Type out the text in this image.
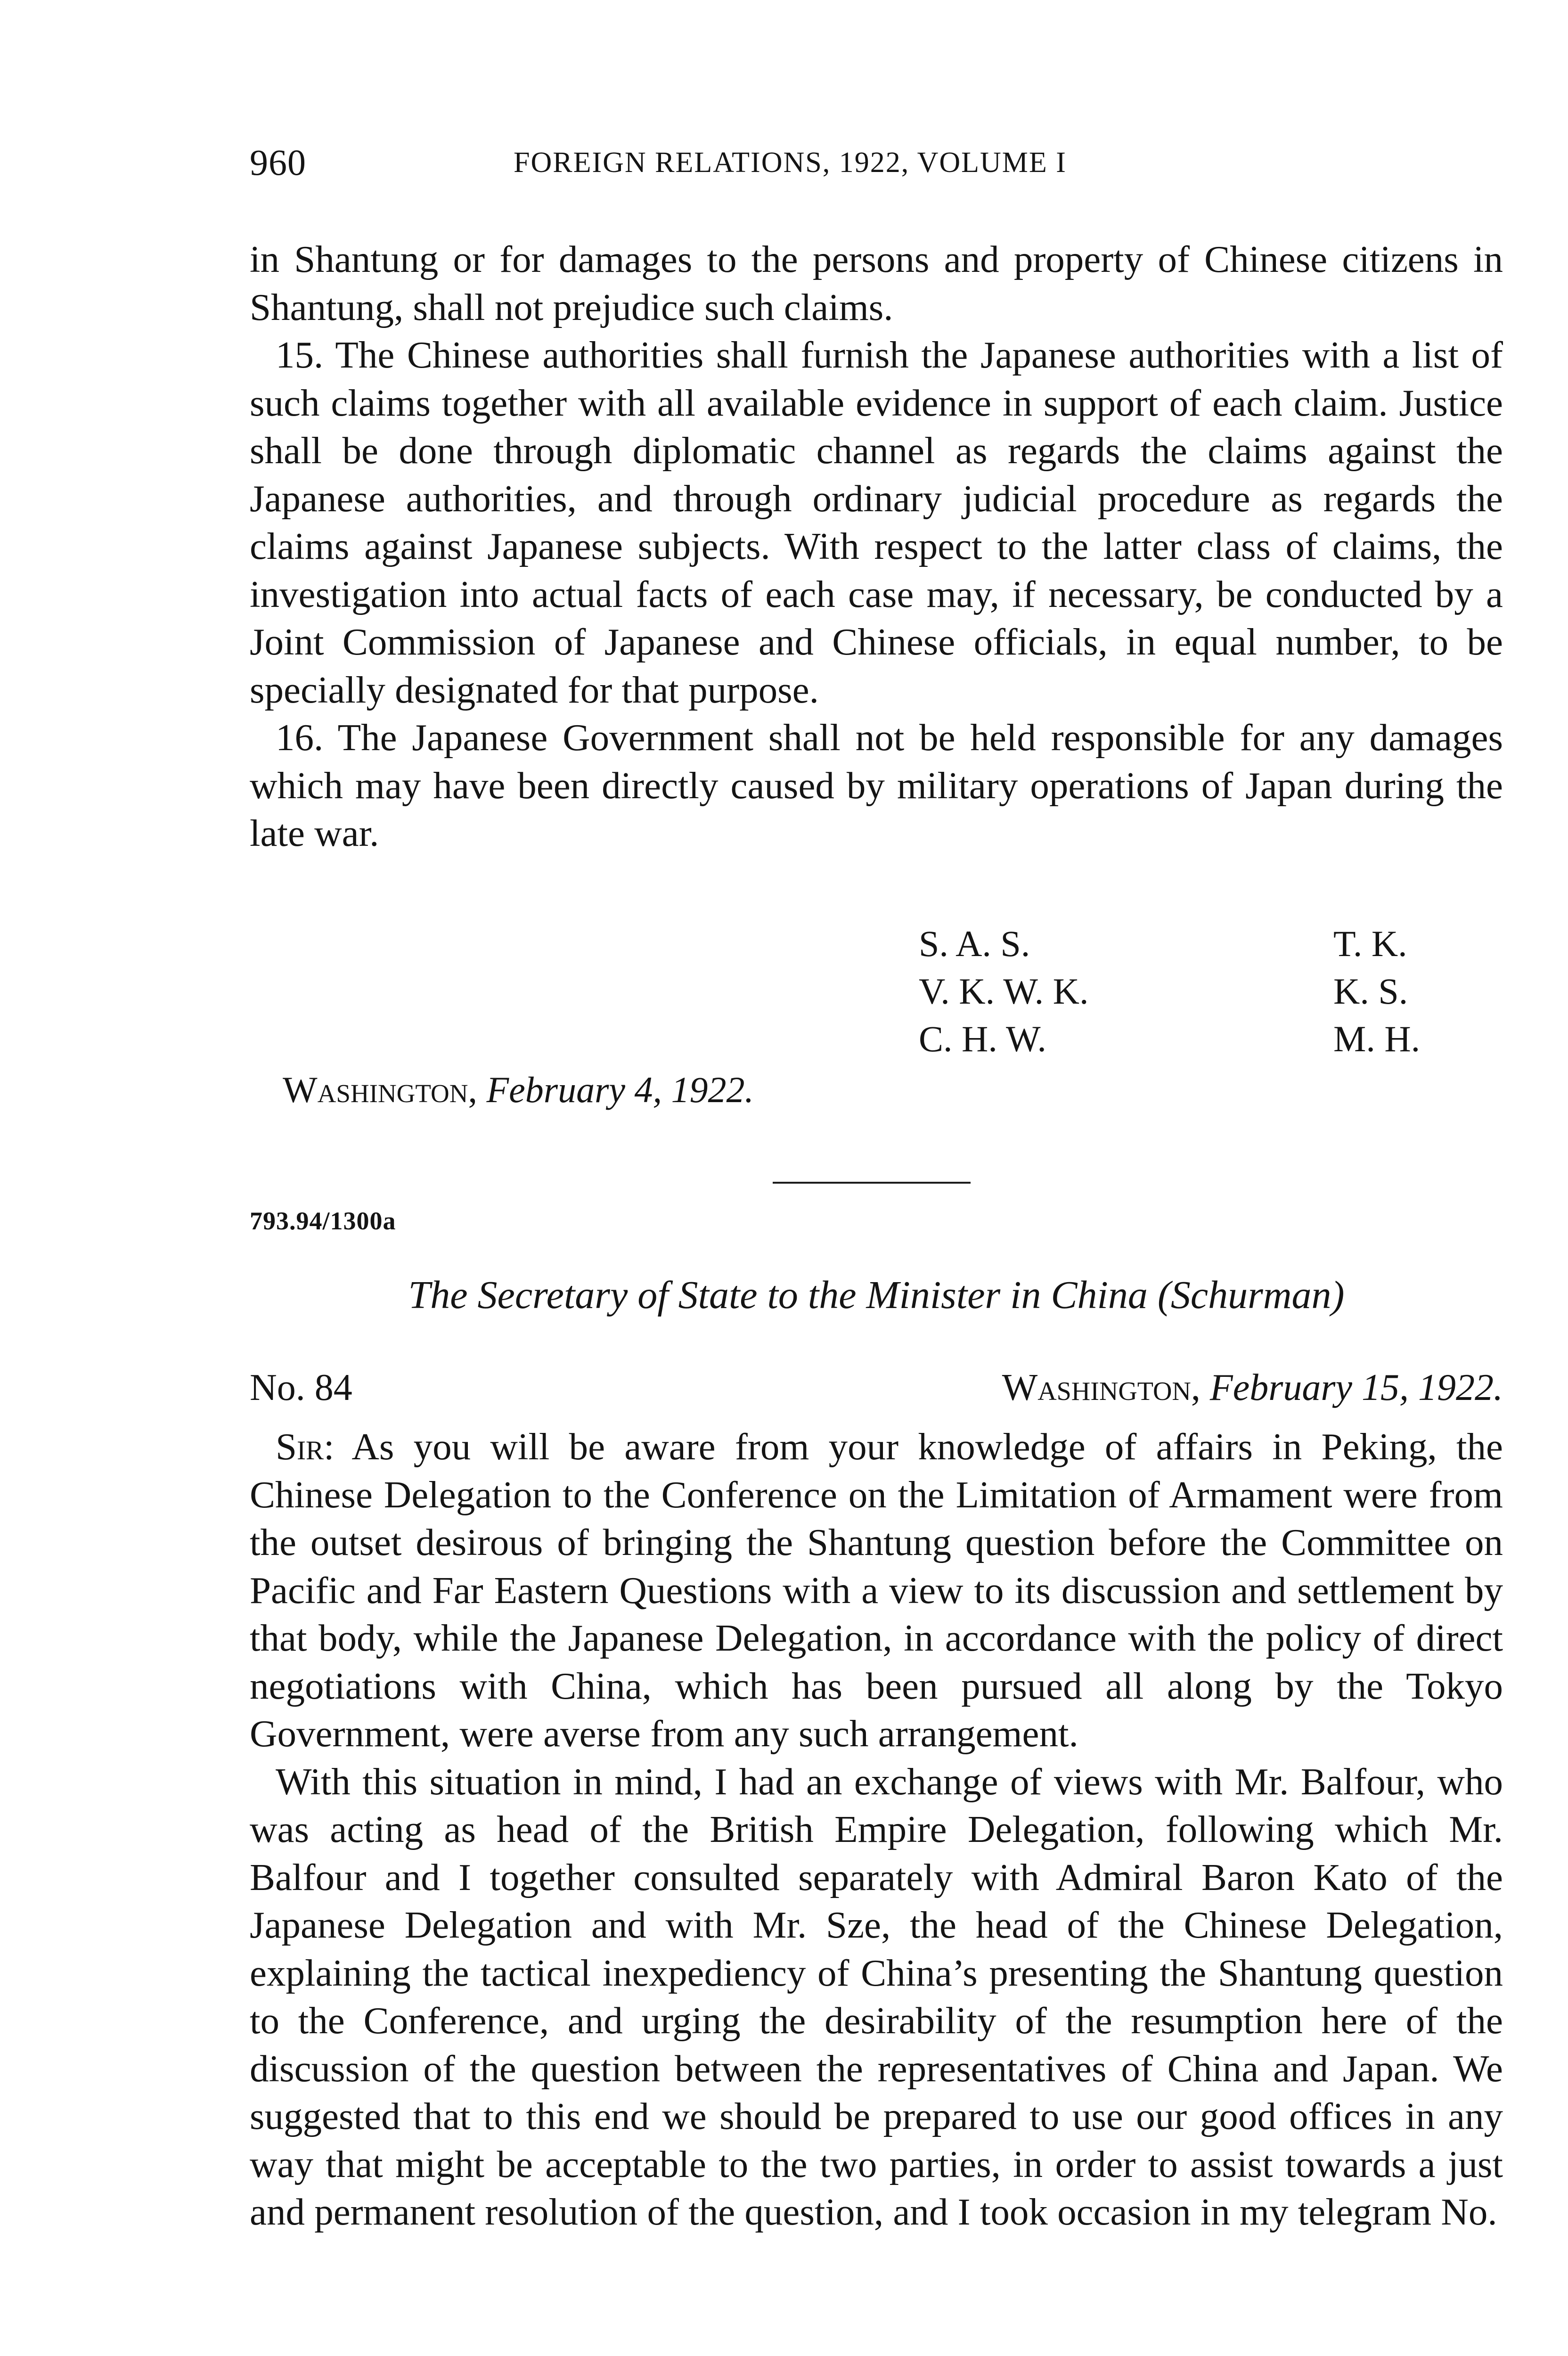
960	FOREIGN RELATIONS, 1922, VOLUME I

in Shantung or for damages to the persons and property of Chinese citizens in Shantung, shall not prejudice such claims.

15. The Chinese authorities shall furnish the Japanese authorities with a list of such claims together with all available evidence in support of each claim. Justice shall be done through diplomatic channel as regards the claims against the Japanese authorities, and through ordinary judicial procedure as regards the claims against Japanese subjects. With respect to the latter class of claims, the investigation into actual facts of each case may, if necessary, be conducted by a Joint Commission of Japanese and Chinese officials, in equal number, to be specially designated for that purpose.

16. The Japanese Government shall not be held responsible for any damages which may have been directly caused by military operations of Japan during the late war.

S. A. S.
V. K. W. K.
C. H. W.
T. K.
K. S.
M. H.
Washington, February 4, 1922.
793.94/1300a
The Secretary of State to the Minister in China (Schurman)
No. 84	Washington, February 15, 1922.

Sir: As you will be aware from your knowledge of affairs in Peking, the Chinese Delegation to the Conference on the Limitation of Armament were from the outset desirous of bringing the Shantung question before the Committee on Pacific and Far Eastern Questions with a view to its discussion and settlement by that body, while the Japanese Delegation, in accordance with the policy of direct negotiations with China, which has been pursued all along by the Tokyo Government, were averse from any such arrangement.

With this situation in mind, I had an exchange of views with Mr. Balfour, who was acting as head of the British Empire Delegation, following which Mr. Balfour and I together consulted separately with Admiral Baron Kato of the Japanese Delegation and with Mr. Sze, the head of the Chinese Delegation, explaining the tactical inexpediency of China’s presenting the Shantung question to the Conference, and urging the desirability of the resumption here of the discussion of the question between the representatives of China and Japan. We suggested that to this end we should be prepared to use our good offices in any way that might be acceptable to the two parties, in order to assist towards a just and permanent resolution of the question, and I took occasion in my telegram No.
